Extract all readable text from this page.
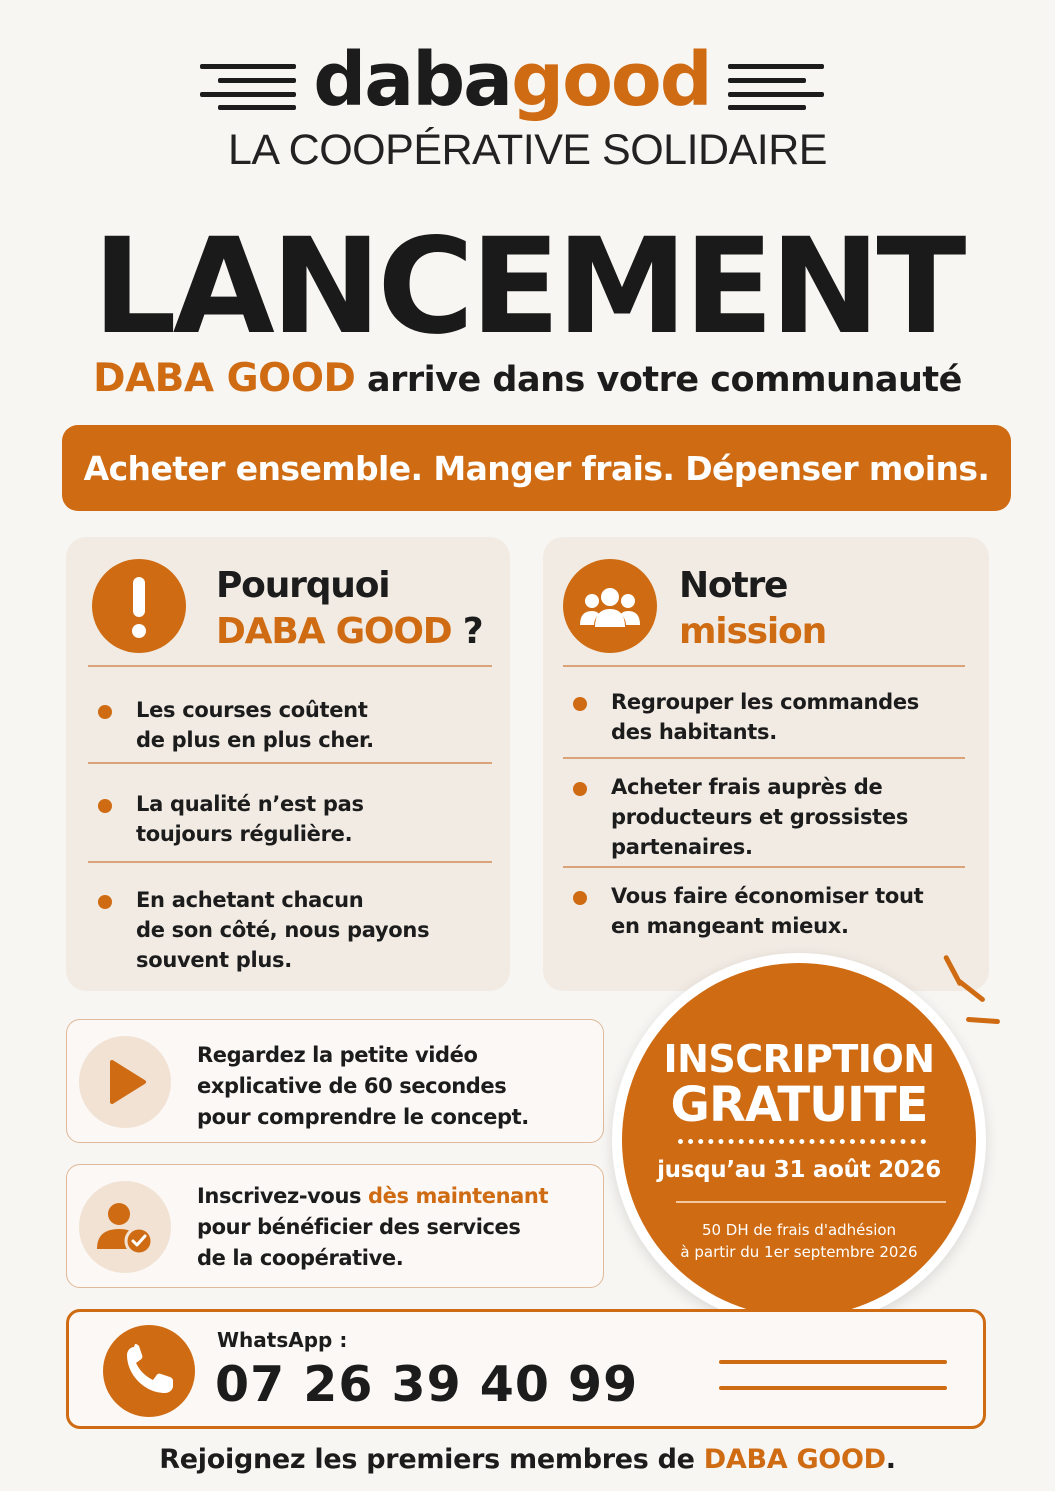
dabagood
LA COOPÉRATIVE SOLIDAIRE
LANCEMENT
DABA GOOD arrive dans votre communauté
Acheter ensemble. Manger frais. Dépenser moins.
Pourquoi
DABA GOOD ?
Les courses coûtent
de plus en plus cher.
La qualité n’est pas
toujours régulière.
En achetant chacun
de son côté, nous payons
souvent plus.
Notre
mission
Regrouper les commandes
des habitants.
Acheter frais auprès de
producteurs et grossistes
partenaires.
Vous faire économiser tout
en mangeant mieux.
Regardez la petite vidéo
explicative de 60 secondes
pour comprendre le concept.
Inscrivez-vous dès maintenant
pour bénéficier des services
de la coopérative.
INSCRIPTION
GRATUITE
jusqu’au 31 août 2026
50 DH de frais d'adhésion
à partir du 1er septembre 2026
WhatsApp :
07 26 39 40 99
Rejoignez les premiers membres de DABA GOOD.
